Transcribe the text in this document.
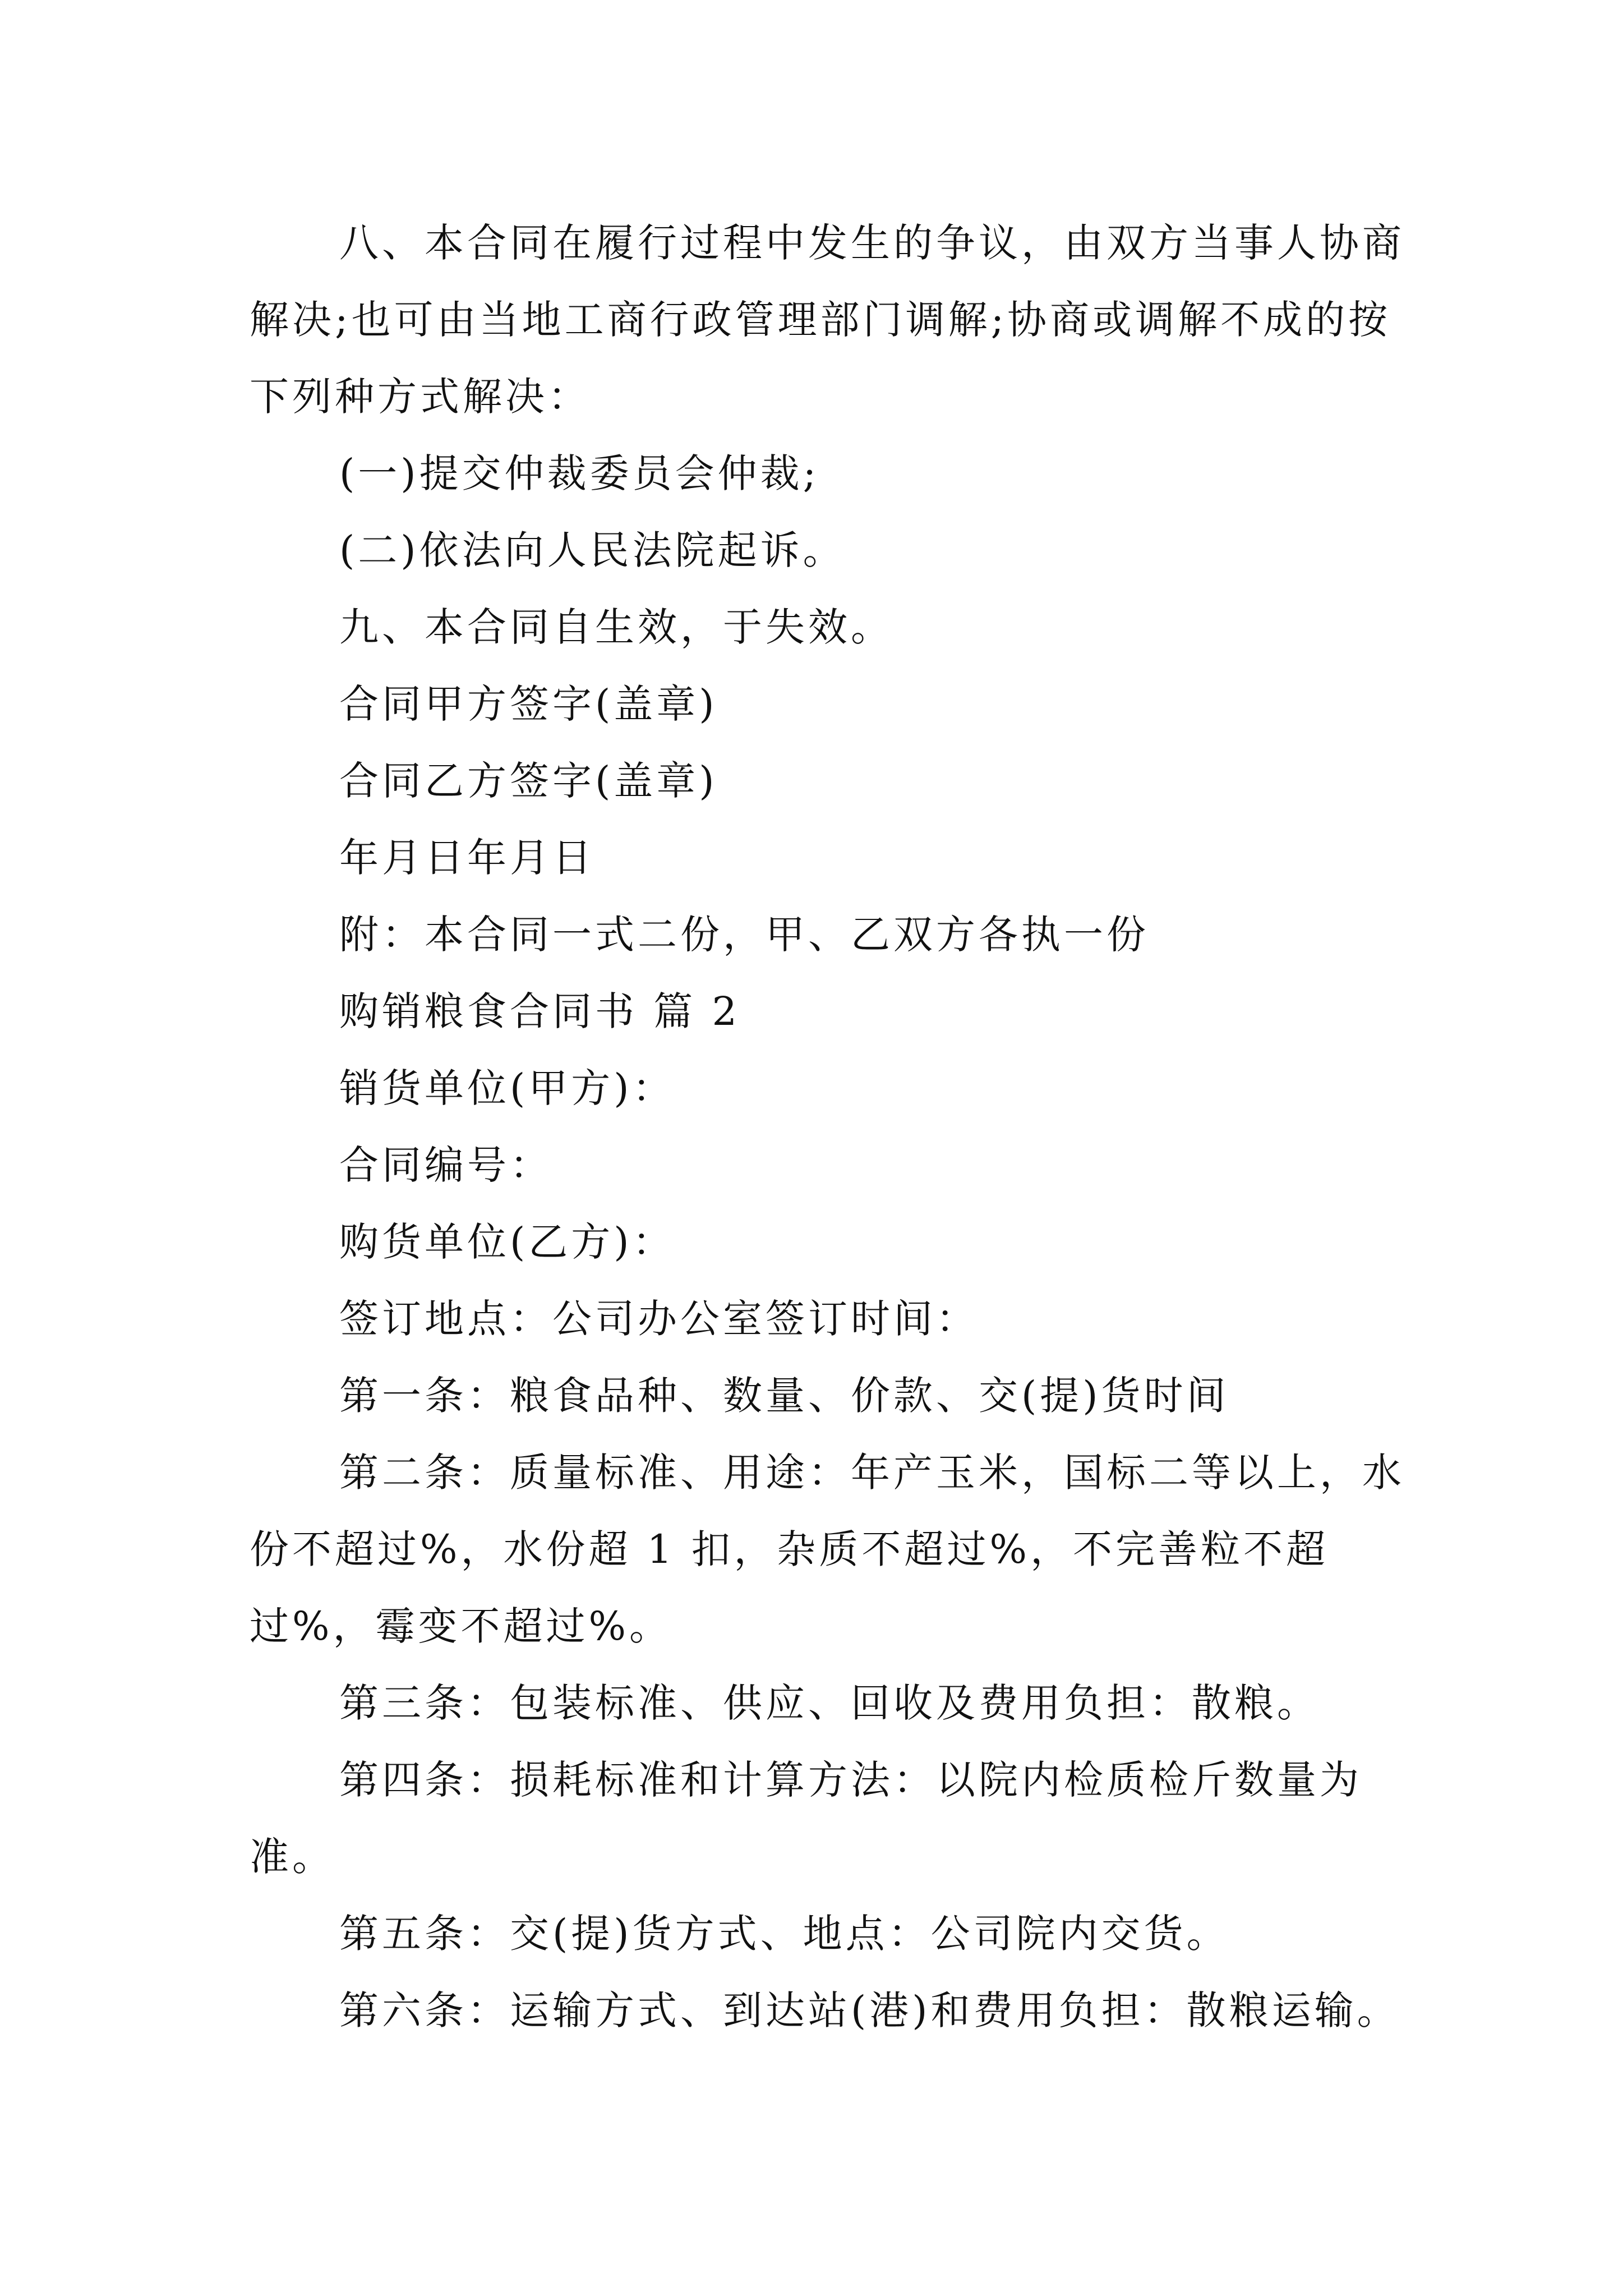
八、本合同在履行过程中发生的争议，由双方当事人协商解决;也可由当地工商行政管理部门调解;协商或调解不成的按下列种方式解决：

(一)提交仲裁委员会仲裁;

(二)依法向人民法院起诉。

九、本合同自生效，于失效。

合同甲方签字(盖章)

合同乙方签字(盖章)

年月日年月日

附：本合同一式二份，甲、乙双方各执一份

购销粮食合同书 篇 2

销货单位(甲方)：

合同编号：

购货单位(乙方)：

签订地点：公司办公室签订时间：

第一条：粮食品种、数量、价款、交(提)货时间

第二条：质量标准、用途：年产玉米，国标二等以上，水份不超过%，水份超 1 扣，杂质不超过%，不完善粒不超过%，霉变不超过%。

第三条：包装标准、供应、回收及费用负担：散粮。

第四条：损耗标准和计算方法：以院内检质检斤数量为准。

第五条：交(提)货方式、地点：公司院内交货。

第六条：运输方式、到达站(港)和费用负担：散粮运输。
